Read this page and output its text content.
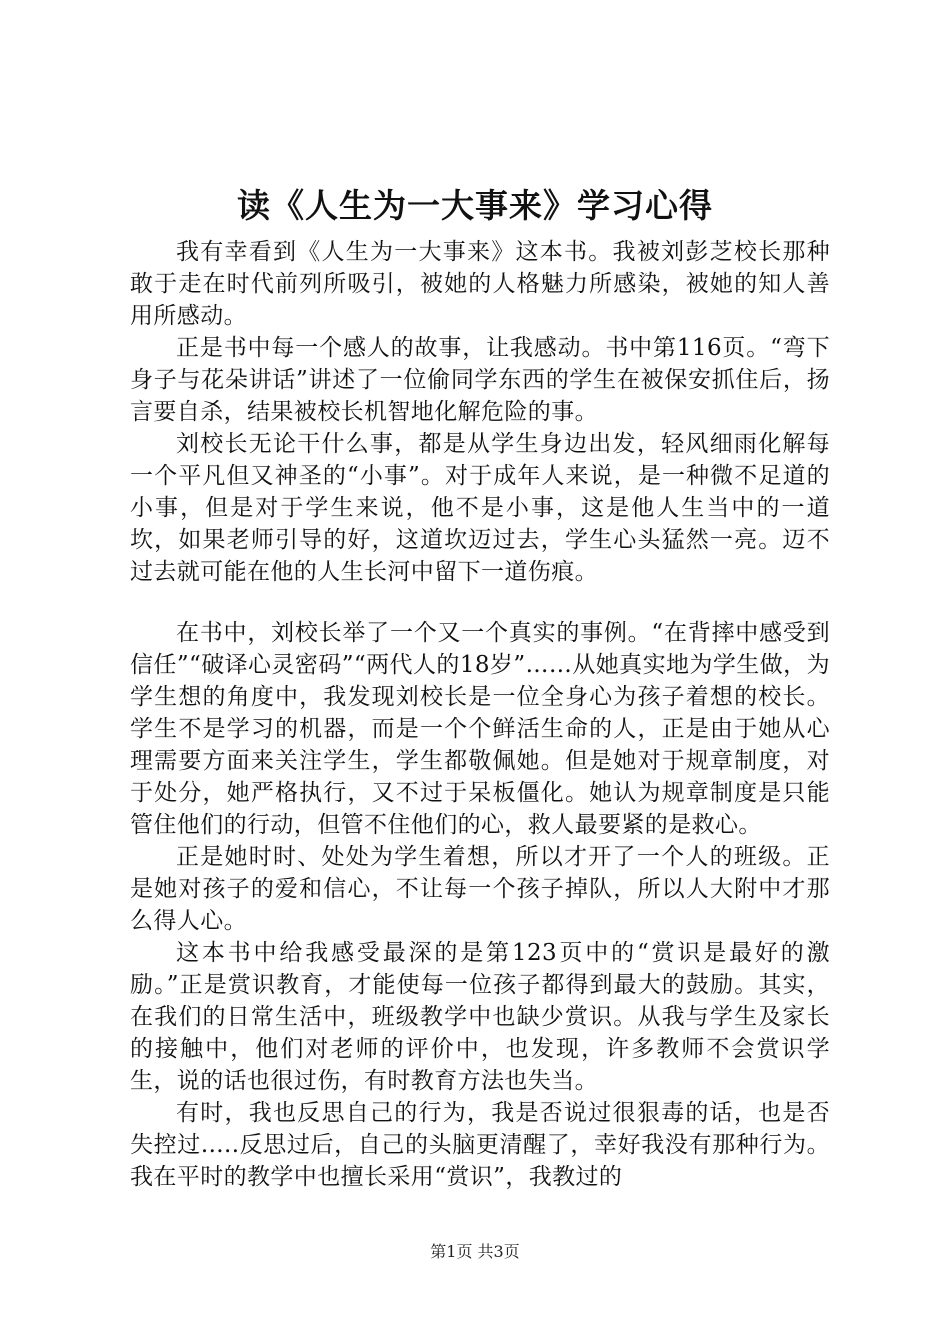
读《人生为一大事来》学习心得

我有幸看到《人生为一大事来》这本书。我被刘彭芝校长那种敢于走在时代前列所吸引，被她的人格魅力所感染，被她的知人善用所感动。

正是书中每一个感人的故事，让我感动。书中第116页。“弯下身子与花朵讲话”讲述了一位偷同学东西的学生在被保安抓住后，扬言要自杀，结果被校长机智地化解危险的事。

刘校长无论干什么事，都是从学生身边出发，轻风细雨化解每一个平凡但又神圣的“小事”。对于成年人来说，是一种微不足道的小事，但是对于学生来说，他不是小事，这是他人生当中的一道坎，如果老师引导的好，这道坎迈过去，学生心头猛然一亮。迈不过去就可能在他的人生长河中留下一道伤痕。

在书中，刘校长举了一个又一个真实的事例。“在背摔中感受到信任”“破译心灵密码”“两代人的18岁”……从她真实地为学生做，为学生想的角度中，我发现刘校长是一位全身心为孩子着想的校长。学生不是学习的机器，而是一个个鲜活生命的人，正是由于她从心理需要方面来关注学生，学生都敬佩她。但是她对于规章制度，对于处分，她严格执行，又不过于呆板僵化。她认为规章制度是只能管住他们的行动，但管不住他们的心，救人最要紧的是救心。

正是她时时、处处为学生着想，所以才开了一个人的班级。正是她对孩子的爱和信心，不让每一个孩子掉队，所以人大附中才那么得人心。

这本书中给我感受最深的是第123页中的“赏识是最好的激励。”正是赏识教育，才能使每一位孩子都得到最大的鼓励。其实，在我们的日常生活中，班级教学中也缺少赏识。从我与学生及家长的接触中，他们对老师的评价中，也发现，许多教师不会赏识学生，说的话也很过伤，有时教育方法也失当。

有时，我也反思自己的行为，我是否说过很狠毒的话，也是否失控过.....反思过后，自己的头脑更清醒了，幸好我没有那种行为。我在平时的教学中也擅长采用“赏识”，我教过的

第1页 共3页
